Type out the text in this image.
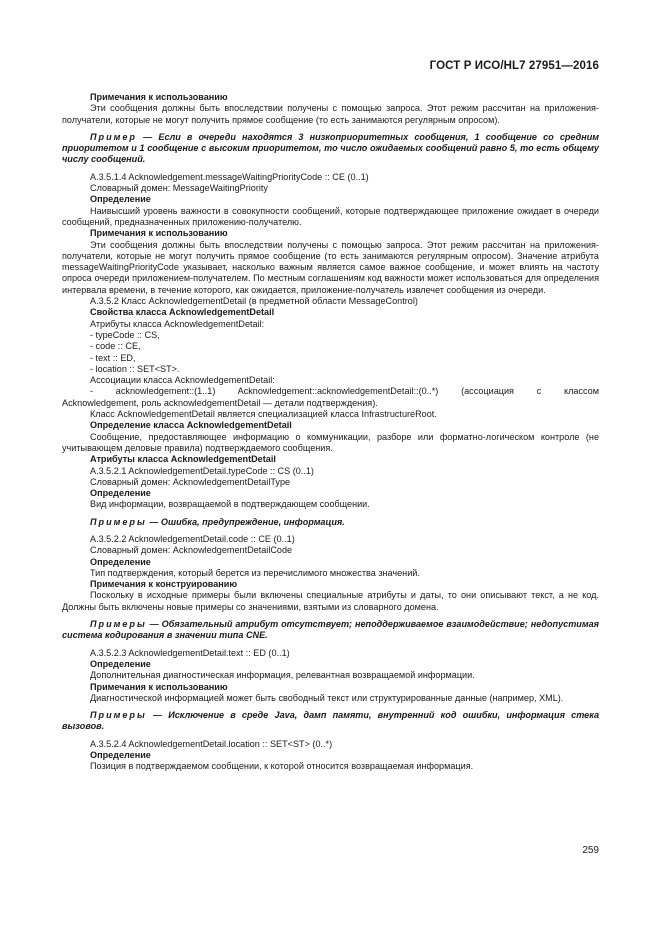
ГОСТ Р ИСО/HL7 27951—2016

Примечания к использованию

Эти сообщения должны быть впоследствии получены с помощью запроса. Этот режим рассчитан на приложения-получатели, которые не могут получить прямое сообщение (то есть занимаются регулярным опросом).

Пример — Если в очереди находятся 3 низкоприоритетных сообщения, 1 сообщение со средним приоритетом и 1 сообщение с высоким приоритетом, то число ожидаемых сообщений равно 5, то есть общему числу сообщений.

A.3.5.1.4 Acknowledgement.messageWaitingPriorityCode :: CE (0..1)

Словарный домен: MessageWaitingPriority

Определение

Наивысший уровень важности в совокупности сообщений, которые подтверждающее приложение ожидает в очереди сообщений, предназначенных приложению-получателю.

Примечания к использованию

Эти сообщения должны быть впоследствии получены с помощью запроса. Этот режим рассчитан на приложения-получатели, которые не могут получить прямое сообщение (то есть занимаются регулярным опросом). Значение атрибута messageWaitingPriorityCode указывает, насколько важным является самое важное сообщение, и может влиять на частоту опроса очереди приложением-получателем. По местным соглашениям код важности может использоваться для определения интервала времени, в течение которого, как ожидается, приложение-получатель извлечет сообщения из очереди.

A.3.5.2 Класс AcknowledgementDetail (в предметной области MessageControl)

Свойства класса AcknowledgementDetail

Атрибуты класса AcknowledgementDetail:

- typeCode :: CS,

- code :: CE,

- text :: ED,

- location :: SET<ST>.

Ассоциации класса AcknowledgementDetail:

- acknowledgement::(1..1) Acknowledgement::acknowledgementDetail::(0..*) (ассоциация с классом

Acknowledgement, роль acknowledgementDetail — детали подтверждения).

Класс AcknowledgementDetail является специализацией класса InfrastructureRoot.

Определение класса AcknowledgementDetail

Сообщение, предоставляющее информацию о коммуникации, разборе или форматно-логическом контроле (не учитывающем деловые правила) подтверждаемого сообщения.

Атрибуты класса AcknowledgementDetail

A.3.5.2.1 AcknowledgementDetail.typeCode :: CS (0..1)

Словарный домен: AcknowledgementDetailType

Определение

Вид информации, возвращаемой в подтверждающем сообщении.

Примеры — Ошибка, предупреждение, информация.

A.3.5.2.2 AcknowledgementDetail.code :: CE (0..1)

Словарный домен: AcknowledgementDetailCode

Определение

Тип подтверждения, который берется из перечислимого множества значений.

Примечания к конструированию

Поскольку в исходные примеры были включены специальные атрибуты и даты, то они описывают текст, а не код. Должны быть включены новые примеры со значениями, взятыми из словарного домена.

Примеры — Обязательный атрибут отсутствует; неподдерживаемое взаимодействие; недопустимая система кодирования в значении типа CNE.

A.3.5.2.3 AcknowledgementDetail.text :: ED (0..1)

Определение

Дополнительная диагностическая информация, релевантная возвращаемой информации.

Примечания к использованию

Диагностической информацией может быть свободный текст или структурированные данные (например, XML).

Примеры — Исключение в среде Java, дамп памяти, внутренний код ошибки, информация стека вызовов.

A.3.5.2.4 AcknowledgementDetail.location :: SET<ST> (0..*)

Определение

Позиция в подтверждаемом сообщении, к которой относится возвращаемая информация.

259
